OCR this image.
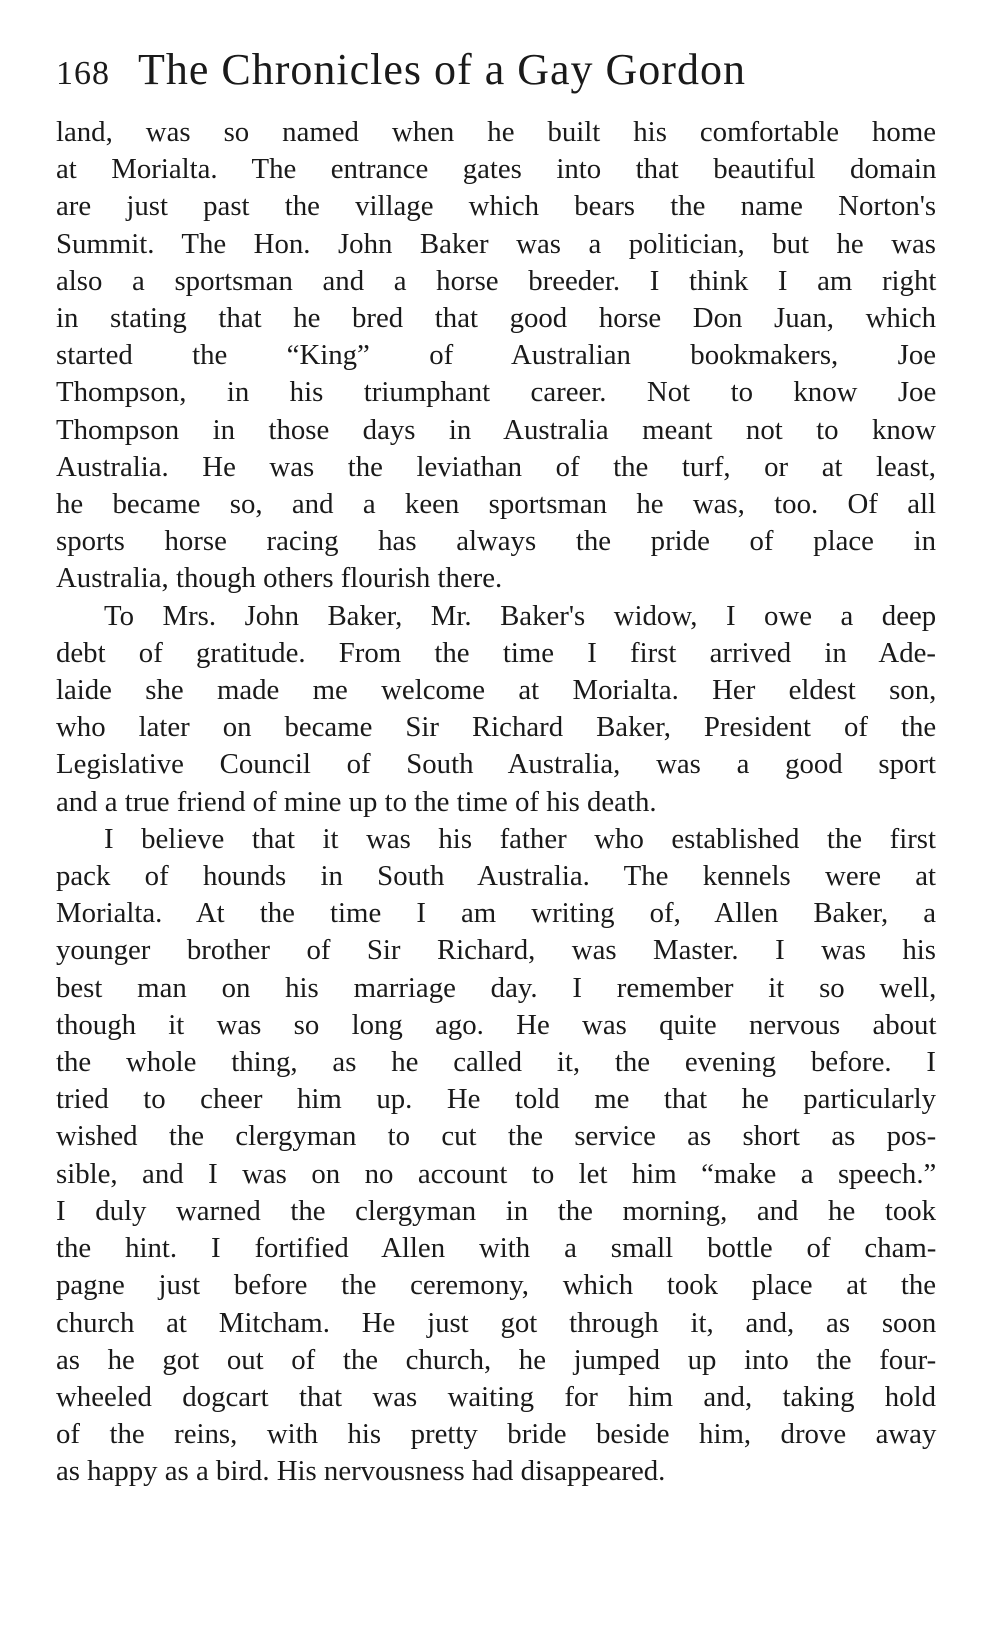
168 The Chronicles of a Gay Gordon

land, was so named when he built his comfortable home
at Morialta. The entrance gates into that beautiful domain
are just past the village which bears the name Norton's
Summit. The Hon. John Baker was a politician, but he was
also a sportsman and a horse breeder. I think I am right
in stating that he bred that good horse Don Juan, which
started the “King” of Australian bookmakers, Joe
Thompson, in his triumphant career. Not to know Joe
Thompson in those days in Australia meant not to know
Australia. He was the leviathan of the turf, or at least,
he became so, and a keen sportsman he was, too. Of all
sports horse racing has always the pride of place in
Australia, though others flourish there.

To Mrs. John Baker, Mr. Baker's widow, I owe a deep
debt of gratitude. From the time I first arrived in Ade-
laide she made me welcome at Morialta. Her eldest son,
who later on became Sir Richard Baker, President of the
Legislative Council of South Australia, was a good sport
and a true friend of mine up to the time of his death.

I believe that it was his father who established the first
pack of hounds in South Australia. The kennels were at
Morialta. At the time I am writing of, Allen Baker, a
younger brother of Sir Richard, was Master. I was his
best man on his marriage day. I remember it so well,
though it was so long ago. He was quite nervous about
the whole thing, as he called it, the evening before. I
tried to cheer him up. He told me that he particularly
wished the clergyman to cut the service as short as pos-
sible, and I was on no account to let him “make a speech.”
I duly warned the clergyman in the morning, and he took
the hint. I fortified Allen with a small bottle of cham-
pagne just before the ceremony, which took place at the
church at Mitcham. He just got through it, and, as soon
as he got out of the church, he jumped up into the four-
wheeled dogcart that was waiting for him and, taking hold
of the reins, with his pretty bride beside him, drove away
as happy as a bird. His nervousness had disappeared.
